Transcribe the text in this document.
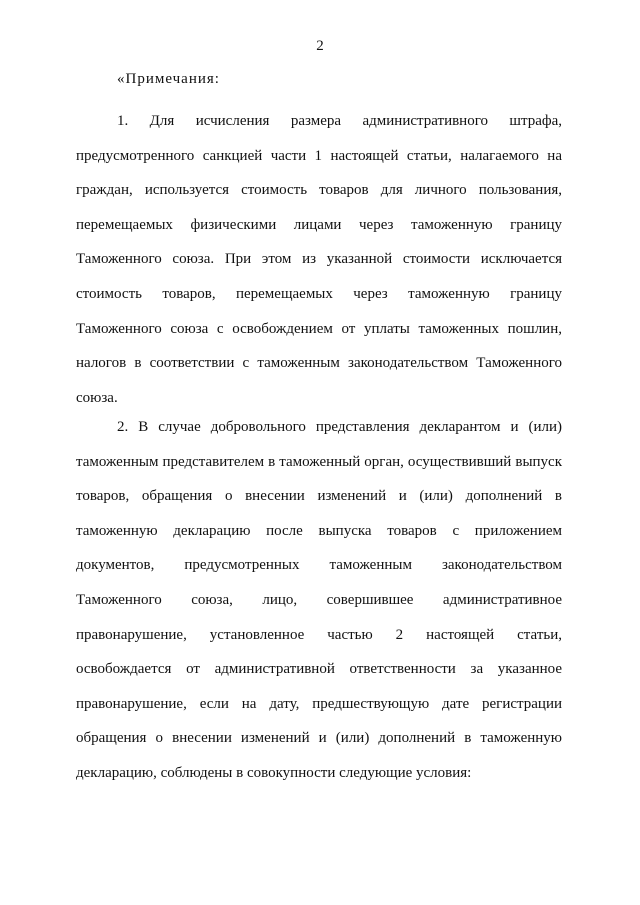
2

«Примечания:

1. Для исчисления размера административного штрафа, предусмотренного санкцией части 1 настоящей статьи, налагаемого на граждан, используется стоимость товаров для личного пользования, перемещаемых физическими лицами через таможенную границу Таможенного союза. При этом из указанной стоимости исключается стоимость товаров, перемещаемых через таможенную границу Таможенного союза с освобождением от уплаты таможенных пошлин, налогов в соответствии с таможенным законодательством Таможенного союза.

2. В случае добровольного представления декларантом и (или) таможенным представителем в таможенный орган, осуществивший выпуск товаров, обращения о внесении изменений и (или) дополнений в таможенную декларацию после выпуска товаров с приложением документов, предусмотренных таможенным законодательством Таможенного союза, лицо, совершившее административное правонарушение, установленное частью 2 настоящей статьи, освобождается от административной ответственности за указанное правонарушение, если на дату, предшествующую дате регистрации обращения о внесении изменений и (или) дополнений в таможенную декларацию, соблюдены в совокупности следующие условия:
